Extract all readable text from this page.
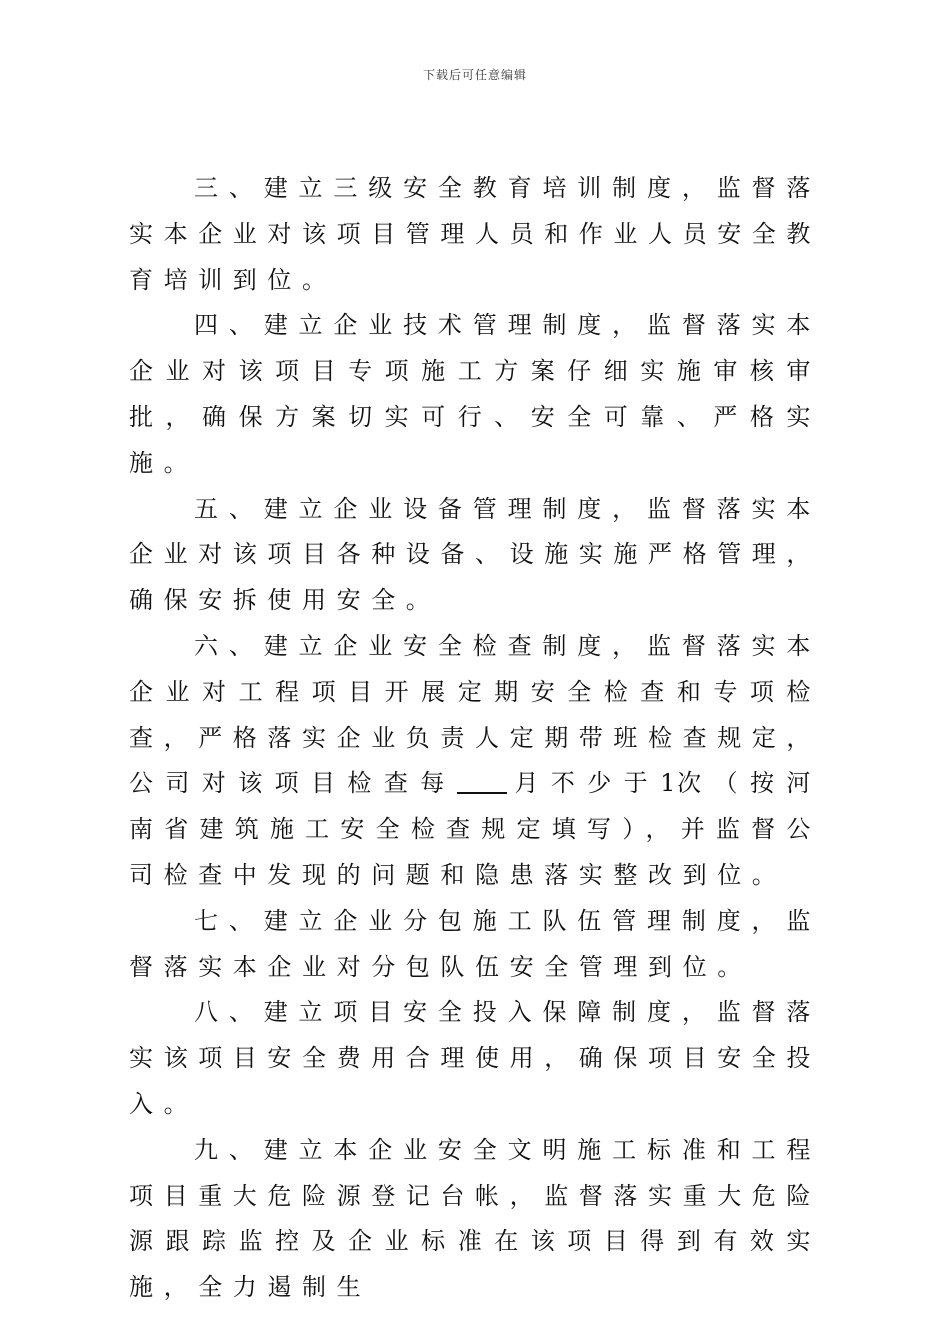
下载后可任意编辑

三、建立三级安全教育培训制度，监督落实本企业对该项目管理人员和作业人员安全教育培训到位。

四、建立企业技术管理制度，监督落实本企业对该项目专项施工方案仔细实施审核审批，确保方案切实可行、安全可靠、严格实施。

五、建立企业设备管理制度，监督落实本企业对该项目各种设备、设施实施严格管理，确保安拆使用安全。

六、建立企业安全检查制度，监督落实本企业对工程项目开展定期安全检查和专项检查，严格落实企业负责人定期带班检查规定，公司对该项目检查每 月不少于1次（按河南省建筑施工安全检查规定填写），并监督公司检查中发现的问题和隐患落实整改到位。

七、建立企业分包施工队伍管理制度，监督落实本企业对分包队伍安全管理到位。

八、建立项目安全投入保障制度，监督落实该项目安全费用合理使用，确保项目安全投入。

九、建立本企业安全文明施工标准和工程项目重大危险源登记台帐，监督落实重大危险源跟踪监控及企业标准在该项目得到有效实施，全力遏制生
